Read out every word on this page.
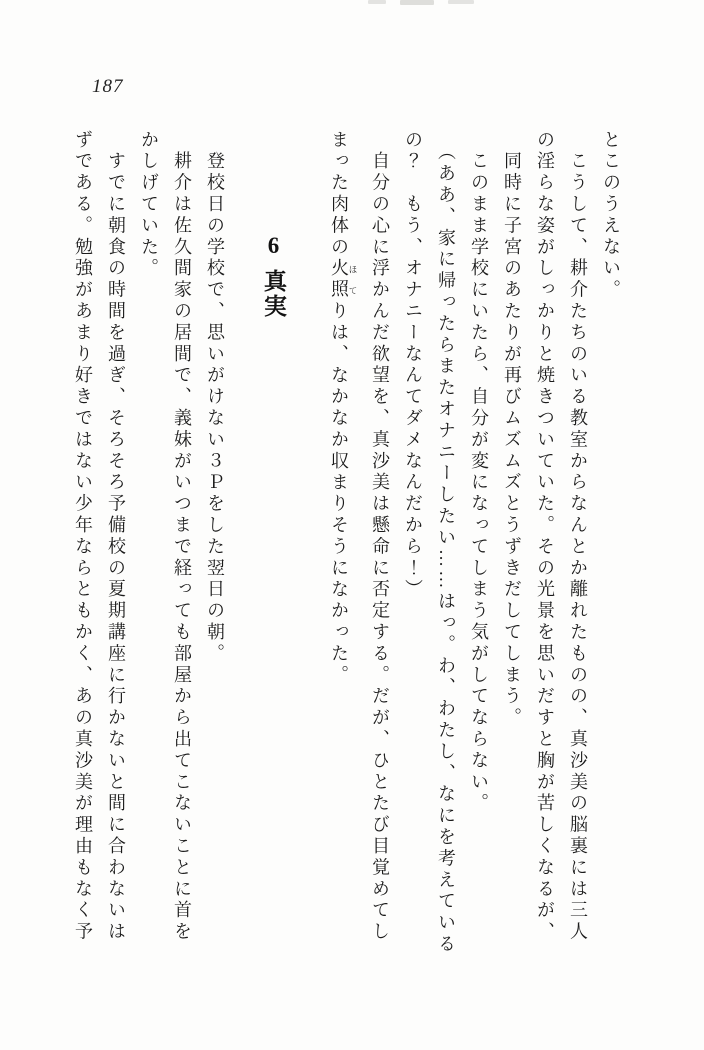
187
とこのうえない。
　こうして、耕介たちのいる教室からなんとか離れたものの、真沙美の脳裏には三人
の淫らな姿がしっかりと焼きついていた。その光景を思いだすと胸が苦しくなるが、
　同時に子宮のあたりが再びムズムズとうずきだしてしまう。
　このまま学校にいたら、自分が変になってしまう気がしてならない。
　（ああ、家に帰ったらまたオナニーしたい……はっ。わ、わたし、なにを考えている
の？　もう、オナニーなんてダメなんだから！）
　自分の心に浮かんだ欲望を、真沙美は懸命に否定する。だが、ひとたび目覚めてし
まった肉体の火照 ほてりは、なかなか収まりそうになかった。
6真実
　登校日の学校で、思いがけない３Ｐをした翌日の朝。
　耕介は佐久間家の居間で、義妹がいつまで経っても部屋から出てこないことに首を
かしげていた。
　すでに朝食の時間を過ぎ、そろそろ予備校の夏期講座に行かないと間に合わないは
ずである。勉強があまり好きではない少年ならともかく、あの真沙美が理由もなく予
